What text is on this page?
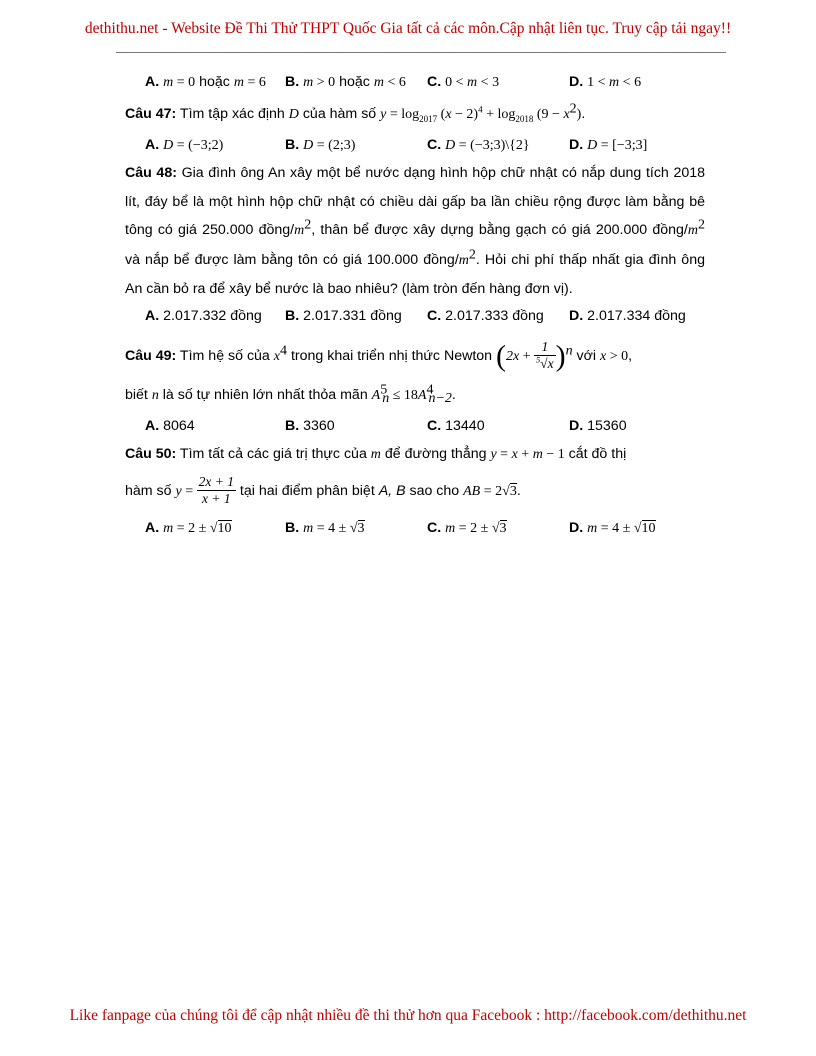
dethithu.net - Website Đề Thi Thử THPT Quốc Gia tất cả các môn.Cập nhật liên tục. Truy cập tải ngay!!
A. m = 0 hoặc m = 6 B. m > 0 hoặc m < 6 C. 0 < m < 3	D. 1 < m < 6
Câu 47: Tìm tập xác định D của hàm số $y = \log_{2017} (x - 2)^4 + \log_{2018} (9 - x^2)$.
A. D = (−3;2)	B. D = (2;3)	C. D = (−3;3)\{2}	D. D = [−3;3]
Câu 48: Gia đình ông An xây một bể nước dạng hình hộp chữ nhật có nắp dung tích 2018 lít, đáy bể là một hình hộp chữ nhật có chiều dài gấp ba lần chiều rộng được làm bằng bê tông có giá 250.000 đồng/$m^2$, thân bể được xây dựng bằng gạch có giá 200.000 đồng/$m^2$ và nắp bể được làm bằng tôn có giá 100.000 đồng/$m^2$. Hỏi chi phí thấp nhất gia đình ông An cần bỏ ra để xây bể nước là bao nhiêu? (làm tròn đến hàng đơn vị).
A. 2.017.332 đồng B. 2.017.331 đồng C. 2.017.333 đồng D. 2.017.334 đồng
Câu 49: Tìm hệ số của $x^4$ trong khai triển nhị thức Newton $(2x + \frac{1}{^5√x} )^n$ với x > 0,
biết n là số tự nhiên lớn nhất thỏa mãn $A^5_n \le 18A^4_{n-2}$.
A. 8064	B. 3360	C. 13440	D. 15360
Câu 50: Tìm tất cả các giá trị thực của m để đường thẳng y = x + m − 1 cắt đồ thị
hàm số $y = \frac{2x + 1}{x + 1}$ tại hai điểm phân biệt A, B sao cho AB = 2√3.
A. m = 2 ± √10	B. m = 4 ± √3	C. m = 2 ± √3	D. m = 4 ± √10
Like fanpage của chúng tôi để cập nhật nhiều đề thi thử hơn qua Facebook : http://facebook.com/dethithu.net
